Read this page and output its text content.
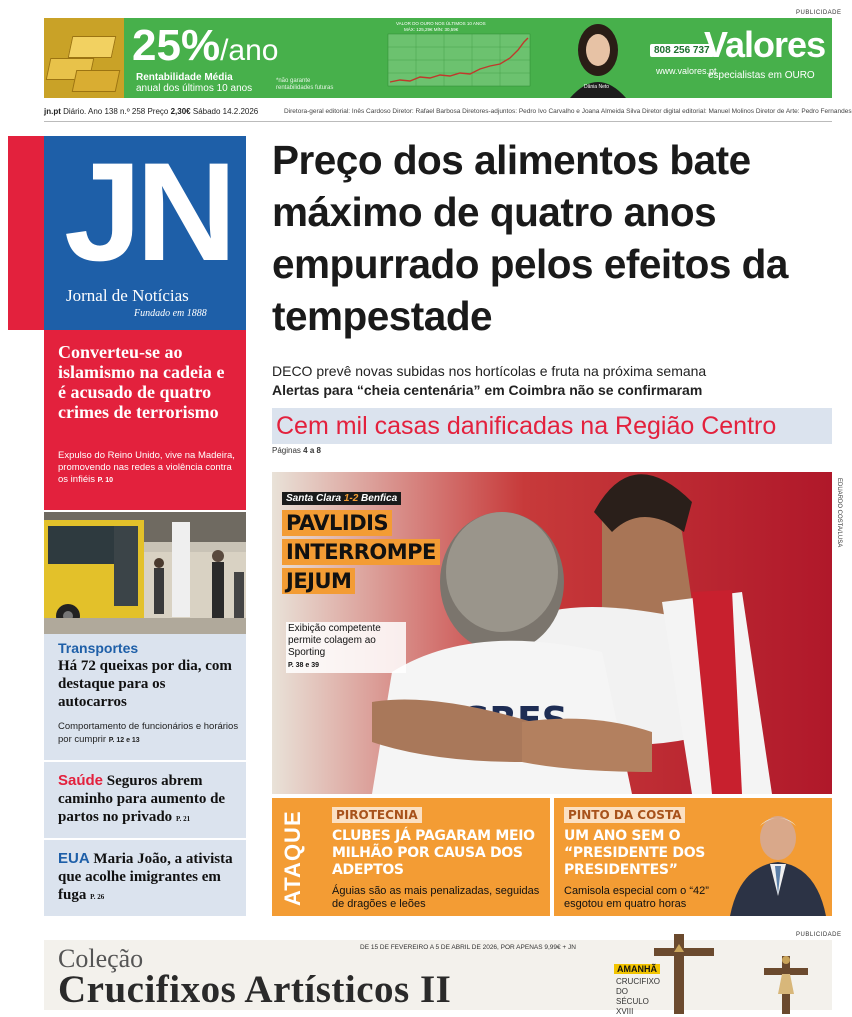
PUBLICIDADE
25%/ano
Rentabilidade Média
anual dos últimos 10 anos
*não garante
rentabilidades futuras
VALOR DO OURO NOS ÚLTIMOS 10 ANOS
MÁX: 125,29€ MÍN: 30,59€
Dânia Neto
808 256 737
www.valores.pt
Valores
especialistas em OURO
jn.pt Diário. Ano 138 n.º 258 Preço 2,30€ Sábado 14.2.2026	Diretora-geral editorial: Inês Cardoso Diretor: Rafael Barbosa Diretores-adjuntos: Pedro Ivo Carvalho e Joana Almeida Silva Diretor digital editorial: Manuel Molinos Diretor de Arte: Pedro Fernandes
JN
Jornal de Notícias
Fundado em 1888
Converteu-se ao islamismo na cadeia e é acusado de quatro crimes de terrorismo
Expulso do Reino Unido, vive na Madeira, promovendo nas redes a violência contra os infiéis P. 10
Transportes
Há 72 queixas por dia, com destaque para os autocarros
Comportamento de funcionários e horários por cumprir P. 12 e 13
Saúde Seguros abrem caminho para aumento de partos no privado P. 21
EUA Maria João, a ativista que acolhe imigrantes em fuga P. 26
Preço dos alimentos bate máximo de quatro anos empurrado pelos efeitos da tempestade
DECO prevê novas subidas nos hortícolas e fruta na próxima semana
Alertas para “cheia centenária” em Coimbra não se confirmaram
Cem mil casas danificadas na Região Centro
Páginas 4 a 8
Santa Clara 1-2 Benfica
PAVLIDIS
INTERROMPE
JEJUM
Exibição competente permite colagem ao Sporting
P. 38 e 39
EDUARDO COSTA/LUSA
ATAQUE	PIROTECNIA
CLUBES JÁ PAGARAM MEIO MILHÃO POR CAUSA DOS ADEPTOS
Águias são as mais penalizadas, seguidas de dragões e leões
PINTO DA COSTA
UM ANO SEM O “PRESIDENTE DOS PRESIDENTES”
Camisola especial com o “42” esgotou em quatro horas
PUBLICIDADE
DE 15 DE FEVEREIRO A 5 DE ABRIL DE 2026, POR APENAS 9,99€ + JN
Coleção
Crucifixos Artísticos II	AMANHÃ
CRUCIFIXO DO SÉCULO XVIII
